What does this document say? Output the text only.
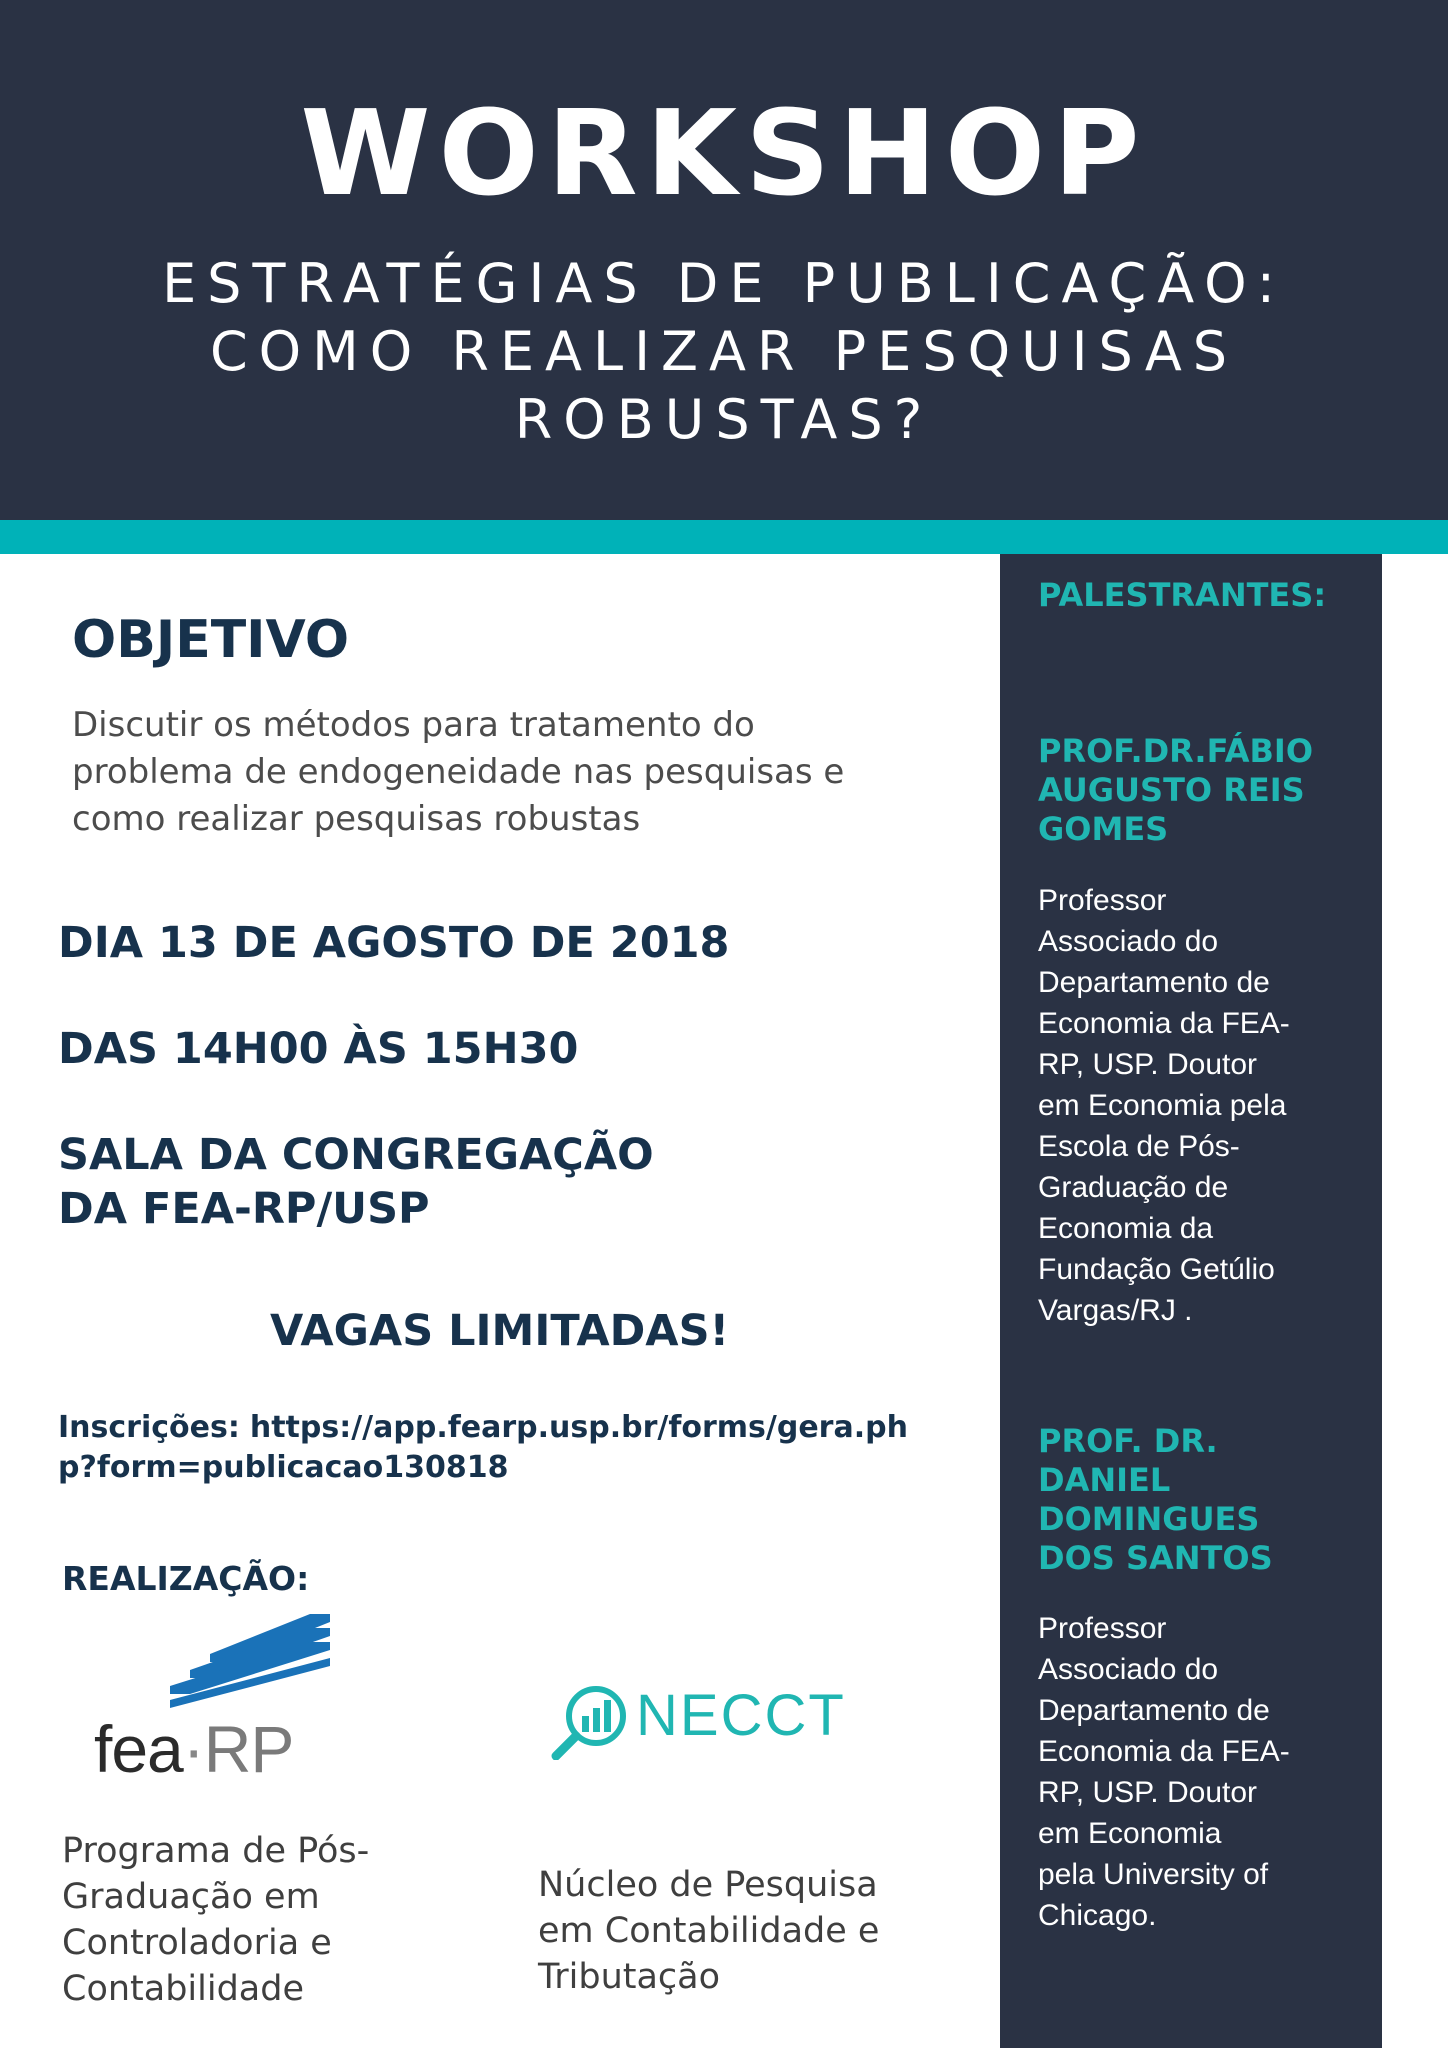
WORKSHOP
ESTRATÉGIAS DE PUBLICAÇÃO:
COMO REALIZAR PESQUISAS
ROBUSTAS?
OBJETIVO

Discutir os métodos para tratamento do
problema de endogeneidade nas pesquisas e
como realizar pesquisas robustas

DIA 13 DE AGOSTO DE 2018

DAS 14H00 ÀS 15H30

SALA DA CONGREGAÇÃO
DA FEA-RP/USP

VAGAS LIMITADAS!

Inscrições: https://app.fearp.usp.br/forms/gera.php?form=publicacao130818

REALIZAÇÃO:

fea·RP

Programa de Pós-
Graduação em
Controladoria e
Contabilidade

NECCT

Núcleo de Pesquisa
em Contabilidade e
Tributação

PALESTRANTES:

PROF.DR.FÁBIO
AUGUSTO REIS
GOMES

Professor
Associado do
Departamento de
Economia da FEA-
RP, USP. Doutor
em Economia pela
Escola de Pós-
Graduação de
Economia da
Fundação Getúlio
Vargas/RJ .

PROF. DR.
DANIEL
DOMINGUES
DOS SANTOS

Professor
Associado do
Departamento de
Economia da FEA-
RP, USP. Doutor
em Economia
pela University of
Chicago.
